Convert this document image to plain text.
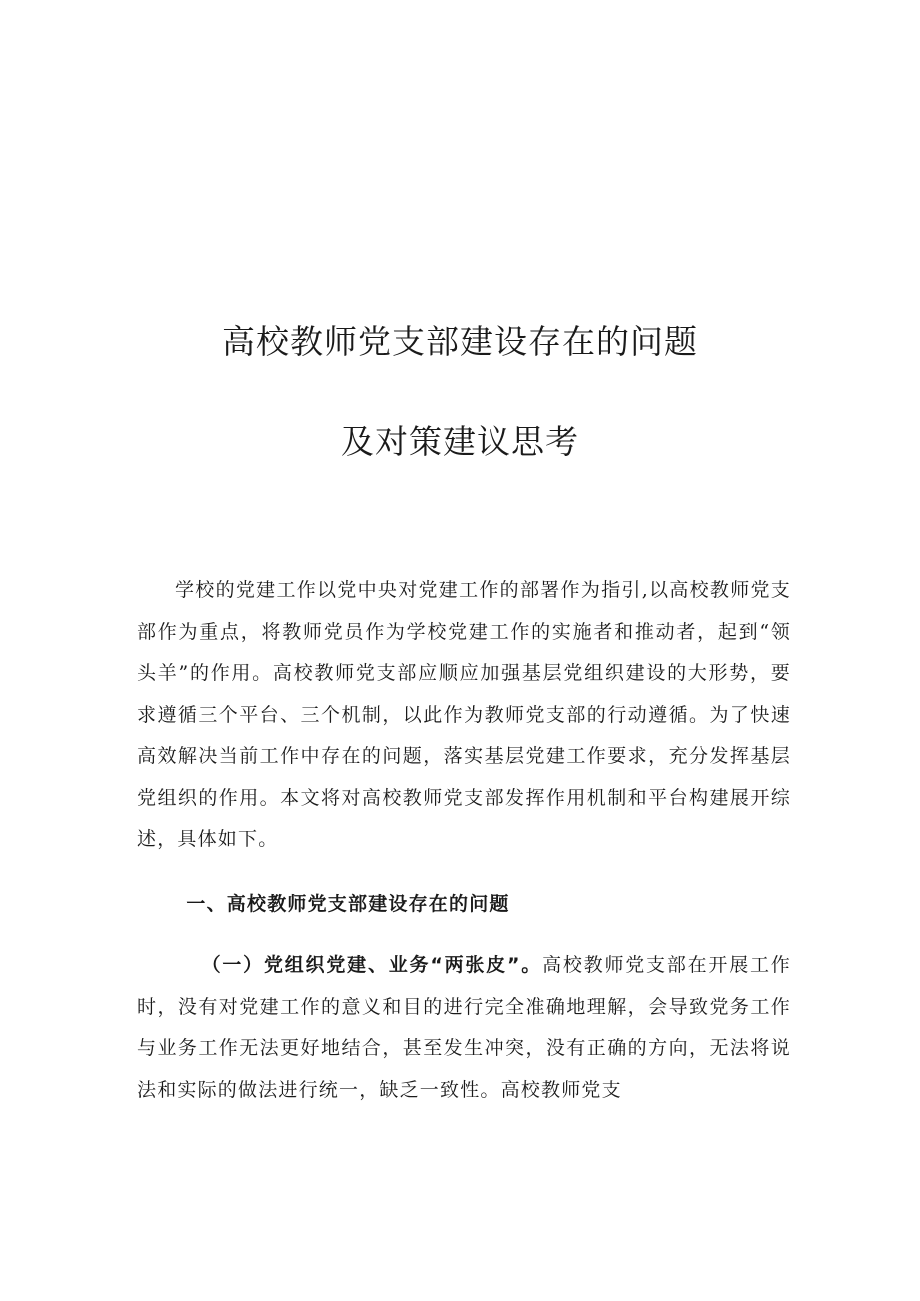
高校教师党支部建设存在的问题
及对策建议思考

学校的党建工作以党中央对党建工作的部署作为指引,以高校教师党支部作为重点，将教师党员作为学校党建工作的实施者和推动者，起到“领头羊”的作用。高校教师党支部应顺应加强基层党组织建设的大形势，要求遵循三个平台、三个机制，以此作为教师党支部的行动遵循。为了快速高效解决当前工作中存在的问题，落实基层党建工作要求，充分发挥基层党组织的作用。本文将对高校教师党支部发挥作用机制和平台构建展开综述，具体如下。

一、高校教师党支部建设存在的问题

（一）党组织党建、业务“两张皮”。高校教师党支部在开展工作时，没有对党建工作的意义和目的进行完全准确地理解，会导致党务工作与业务工作无法更好地结合，甚至发生冲突，没有正确的方向，无法将说法和实际的做法进行统一，缺乏一致性。高校教师党支
